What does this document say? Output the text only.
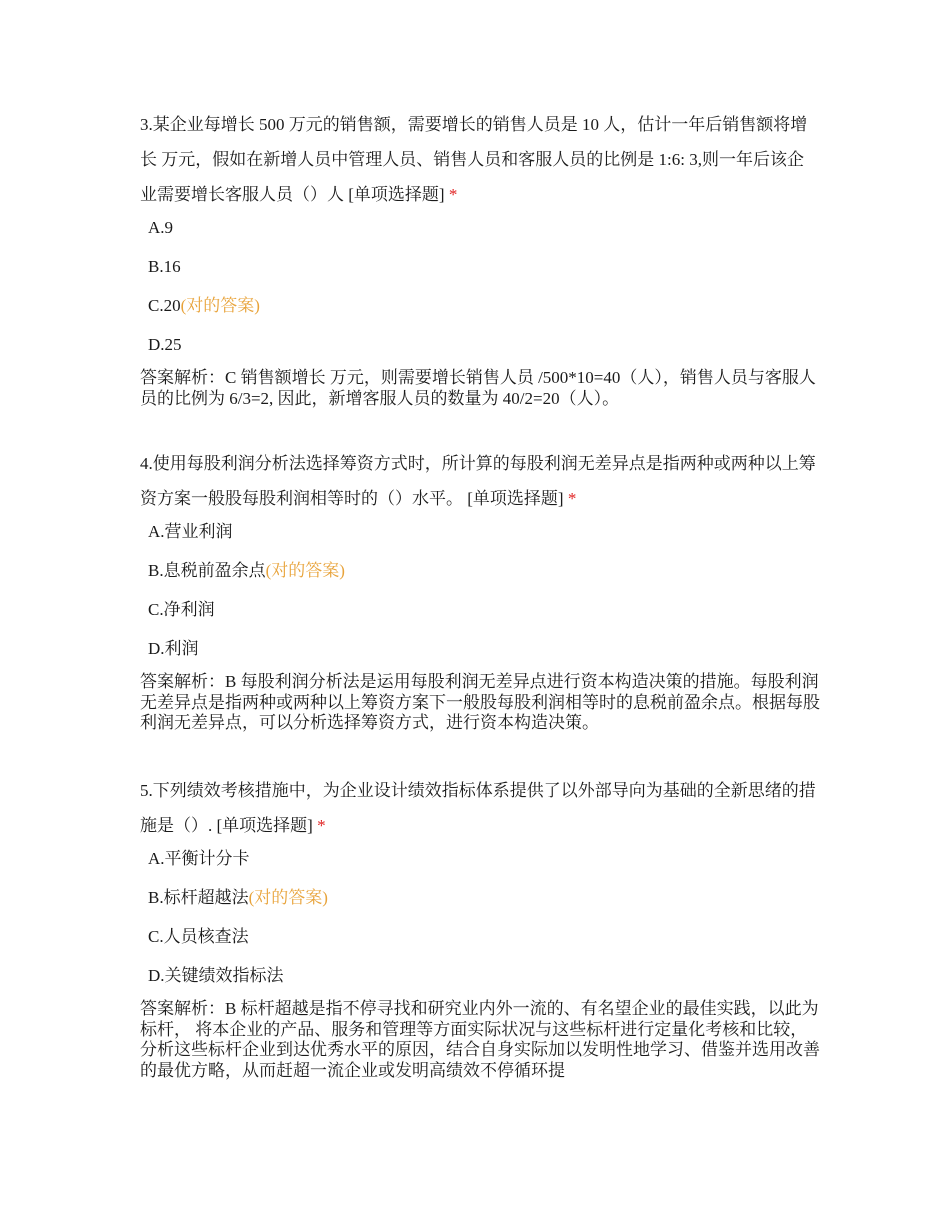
3.某企业每增长 500 万元的销售额，需要增长的销售人员是 10 人，估计一年后销售额将增长 万元，假如在新增人员中管理人员、销售人员和客服人员的比例是 1:6: 3,则一年后该企业需要增长客服人员（）人 [单项选择题] *

A.9
B.16
C.20(对的答案)
D.25
答案解析：C 销售额增长 万元，则需要增长销售人员 /500*10=40（人），销售人员与客服人员的比例为 6/3=2, 因此，新增客服人员的数量为 40/2=20（人）。

4.使用每股利润分析法选择筹资方式时，所计算的每股利润无差异点是指两种或两种以上筹资方案一般股每股利润相等时的（）水平。 [单项选择题] *

A.营业利润
B.息税前盈余点(对的答案)
C.净利润
D.利润
答案解析：B 每股利润分析法是运用每股利润无差异点进行资本构造决策的措施。每股利润无差异点是指两种或两种以上筹资方案下一般股每股利润相等时的息税前盈余点。根据每股利润无差异点，可以分析选择筹资方式，进行资本构造决策。

5.下列绩效考核措施中，为企业设计绩效指标体系提供了以外部导向为基础的全新思绪的措施是（）. [单项选择题] *

A.平衡计分卡
B.标杆超越法(对的答案)
C.人员核查法
D.关键绩效指标法
答案解析：B 标杆超越是指不停寻找和研究业内外一流的、有名望企业的最佳实践，以此为标杆， 将本企业的产品、服务和管理等方面实际状况与这些标杆进行定量化考核和比较，分析这些标杆企业到达优秀水平的原因，结合自身实际加以发明性地学习、借鉴并选用改善的最优方略，从而赶超一流企业或发明高绩效不停循环提
